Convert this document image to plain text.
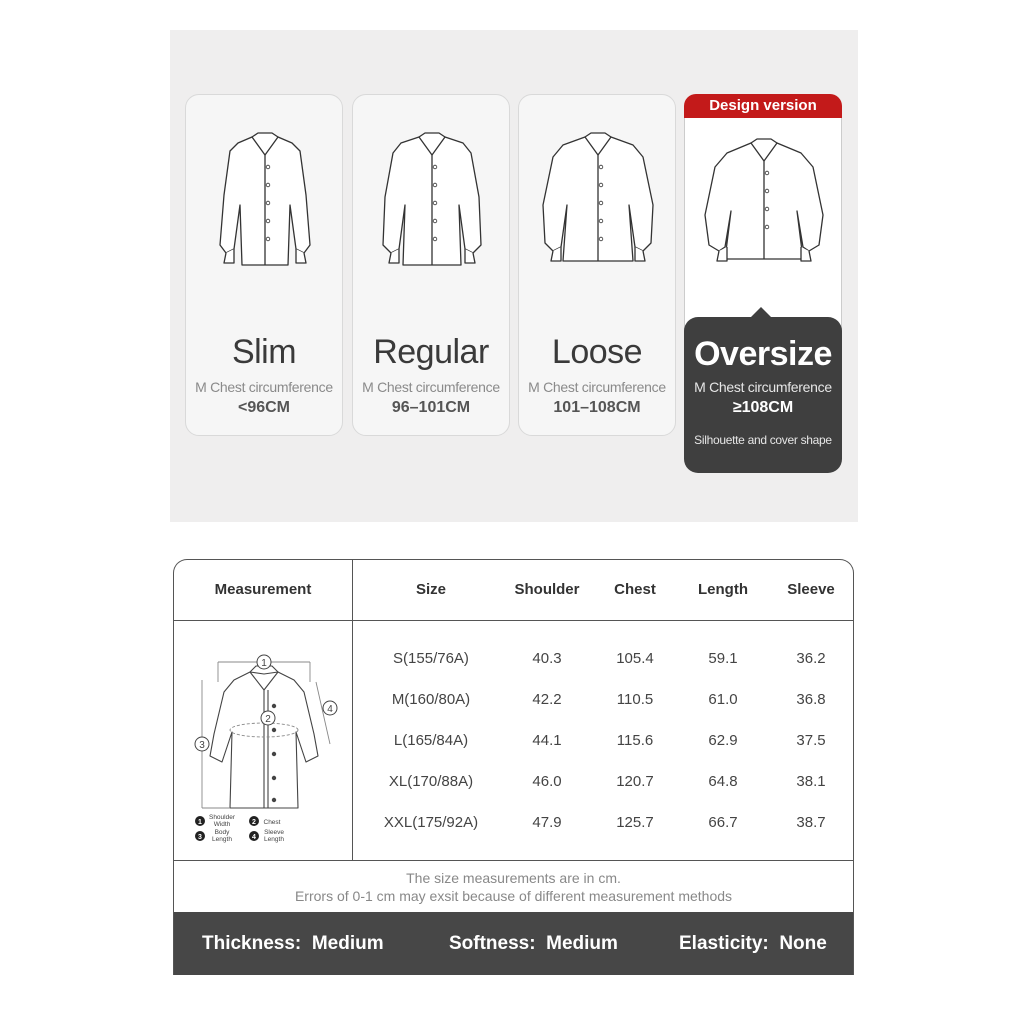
Slim
M Chest circumference
<96CM
Regular
M Chest circumference
96–101CM
Loose
M Chest circumference
101–108CM
Design version
Oversize
M Chest circumference
≥108CM
Silhouette and cover shape
Measurement	Size	Shoulder	Chest	Length	Sleeve
1
2
3
4
1	2
3	4
Shoulder
Width	Chest
Body
Length
Sleeve
Length
S(155/76A)	40.3	105.4	59.1	36.2
M(160/80A)	42.2	110.5	61.0	36.8
L(165/84A)	44.1	115.6	62.9	37.5
XL(170/88A)	46.0	120.7	64.8	38.1
XXL(175/92A)	47.9	125.7	66.7	38.7
The size measurements are in cm.
Errors of 0-1 cm may exsit because of different measurement methods
Thickness: Medium	Softness: Medium	Elasticity: None
